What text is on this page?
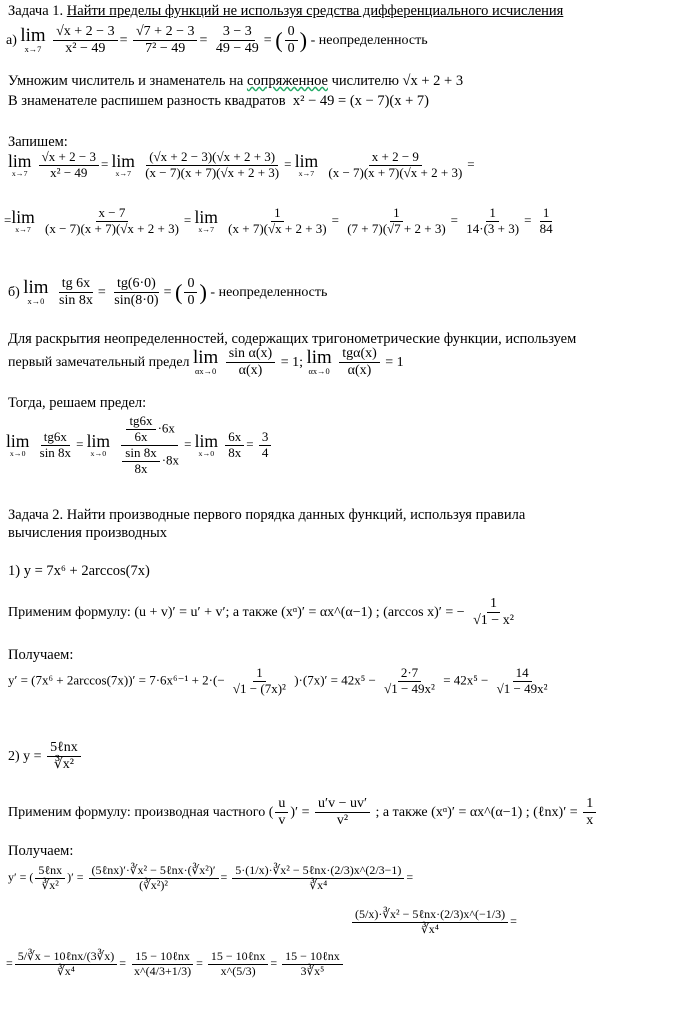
Задача 1. Найти пределы функций не используя средства дифференциального исчисления
а) lim
x→7
$\frac{√x + 2 - 3}{\text{x² − 49}} = \frac{√7 + 2 - 3}{\text{7² − 49}} = \frac{3 - 3}{49 - 49}$ = ( $\frac{0}{0}$ ) - неопределенность
Умножим числитель и знаменатель на сопряженное числителю √x + 2 + 3
В знаменателе распишем разность квадратов x² − 49 = (x − 7)(x + 7)
Запишем:
lim
x→7
$\frac{√x + 2 - 3}{\text{x² − 49}} = \lim$
x→7
$\frac{(√x + 2 - 3)(√x + 2 + 3)}{(x - 7)(x + 7)(√x + 2 + 3)} = \lim$
x→7
$\frac{x + 2 - 9}{(x - 7)(x + 7)(√x + 2 + 3)}$ =
= lim
x→7
$\frac{x - 7}{(x - 7)(x + 7)(√x + 2 + 3)} = \lim$
x→7
$\frac{1}{(x + 7)(√x + 2 + 3)} = \frac{1}{(7 + 7)(√7 + 2 + 3)} = \frac{1}{14\cdot(3 + 3)} = \frac{1}{84}$
б) lim
x→0
$\frac{tg 6x}{\sin 8x} = \frac{tg(6\cdot 0)}{\sin(8\cdot 0)}$ = ( $\frac{0}{0}$ ) - неопределенность
Для раскрытия неопределенностей, содержащих тригонометрические функции, используем
первый замечательный предел lim
αx→0
$\frac{\text{sin α(x)}}{\alpha(x)} = 1$; lim
αx→0

tgα(x)
α(x)
= 1
Тогда, решаем предел:
lim
x→0
$\frac{tg6x}{\sin 8x} = \lim$
x→0
$\frac{\frac{tg6x}{6x} \cdot 6x}{\frac{\sin 8x}{8x} \cdot 8x} = \lim$
x→0
$\frac{6x}{8x} = \frac{3}{4}$
Задача 2. Найти производные первого порядка данных функций, используя правила
вычисления производных
1) y = 7x⁶ + 2arccos(7x)
Применим формулу: (u + v)′ = u′ + v′; а также (xᵅ)′ = αx^(α−1) ; (arccos x)′ = − $\frac{1}{\text{√1 − x²}}$
Получаем:
$y' = (7x^6 + 2\arccos(7x))' = 7\cdot 6x^{6-1} + 2\cdot(- \frac{1}{\text{√1 − (7x)²}} )\cdot(7x)' = 42x^5 - \frac{2\cdot 7}{\text{√1 − 49x²}} = 42x^5 - \frac{14}{\text{√1 − 49x²}}$
2) y =
5ℓnx
∛x²
Применим формулу: производная частного ( $\frac{u}{v}$ )′ = $\frac{u'v - uv'}{\text{v²}}$ ; а также (xᵅ)′ = αx^(α−1) ; (ℓnx)′ = $\frac{1}{x}$
Получаем:
y′ = (
5ℓnx
∛x²
)′ =
(5ℓnx)′·∛x² − 5ℓnx·(∛x²)′
(∛x²)²
=
5·(1/x)·∛x² − 5ℓnx·(2/3)x^(2/3−1)
∛x⁴
=
(5/x)·∛x² − 5ℓnx·(2/3)x^(−1/3)
∛x⁴
=
=
5/∛x − 10ℓnx/(3∛x)
∛x⁴
=
15 − 10ℓnx
x^(4/3+1/3)
=
15 − 10ℓnx
x^(5/3)
=
15 − 10ℓnx
3∛x⁵
